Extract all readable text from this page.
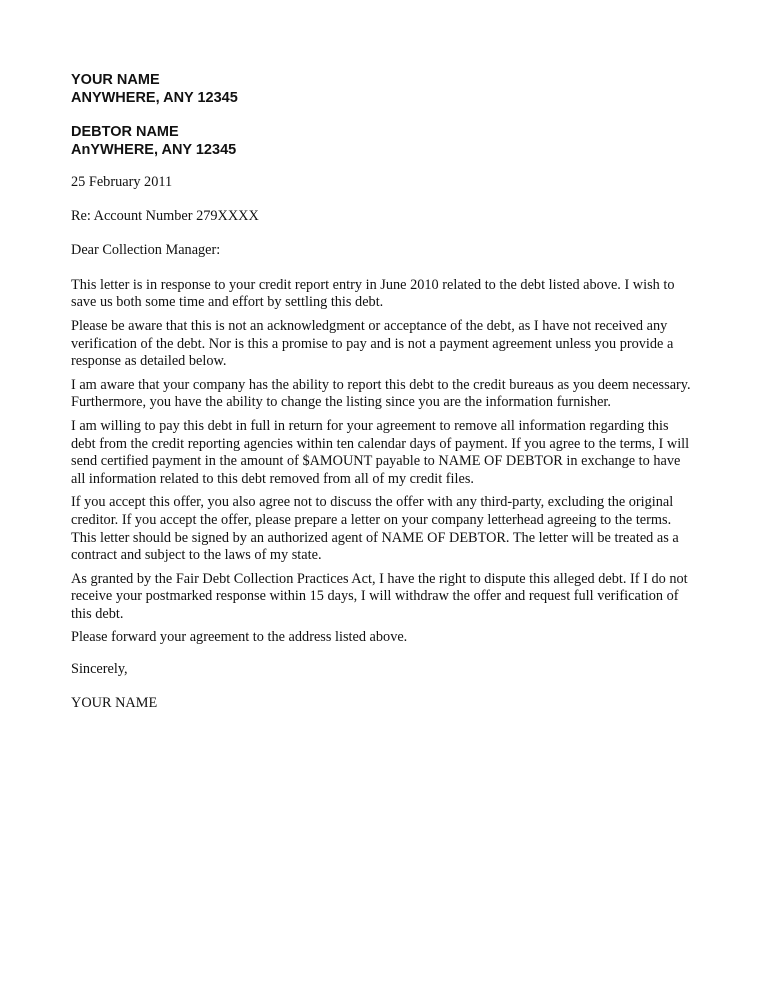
YOUR NAME
ANYWHERE, ANY 12345
DEBTOR NAME
AnYWHERE, ANY 12345
25 February 2011
Re: Account Number 279XXXX
Dear Collection Manager:

This letter is in response to your credit report entry in June 2010 related to the debt listed above. I wish to save us both some time and effort by settling this debt.

Please be aware that this is not an acknowledgment or acceptance of the debt, as I have not received any verification of the debt. Nor is this a promise to pay and is not a payment agreement unless you provide a response as detailed below.

I am aware that your company has the ability to report this debt to the credit bureaus as you deem necessary. Furthermore, you have the ability to change the listing since you are the information furnisher.

I am willing to pay this debt in full in return for your agreement to remove all information regarding this debt from the credit reporting agencies within ten calendar days of payment. If you agree to the terms, I will send certified payment in the amount of $AMOUNT payable to NAME OF DEBTOR in exchange to have all information related to this debt removed from all of my credit files.

If you accept this offer, you also agree not to discuss the offer with any third-party, excluding the original creditor. If you accept the offer, please prepare a letter on your company letterhead agreeing to the terms. This letter should be signed by an authorized agent of NAME OF DEBTOR. The letter will be treated as a contract and subject to the laws of my state.

As granted by the Fair Debt Collection Practices Act, I have the right to dispute this alleged debt. If I do not receive your postmarked response within 15 days, I will withdraw the offer and request full verification of this debt.

Please forward your agreement to the address listed above.

Sincerely,
YOUR NAME
